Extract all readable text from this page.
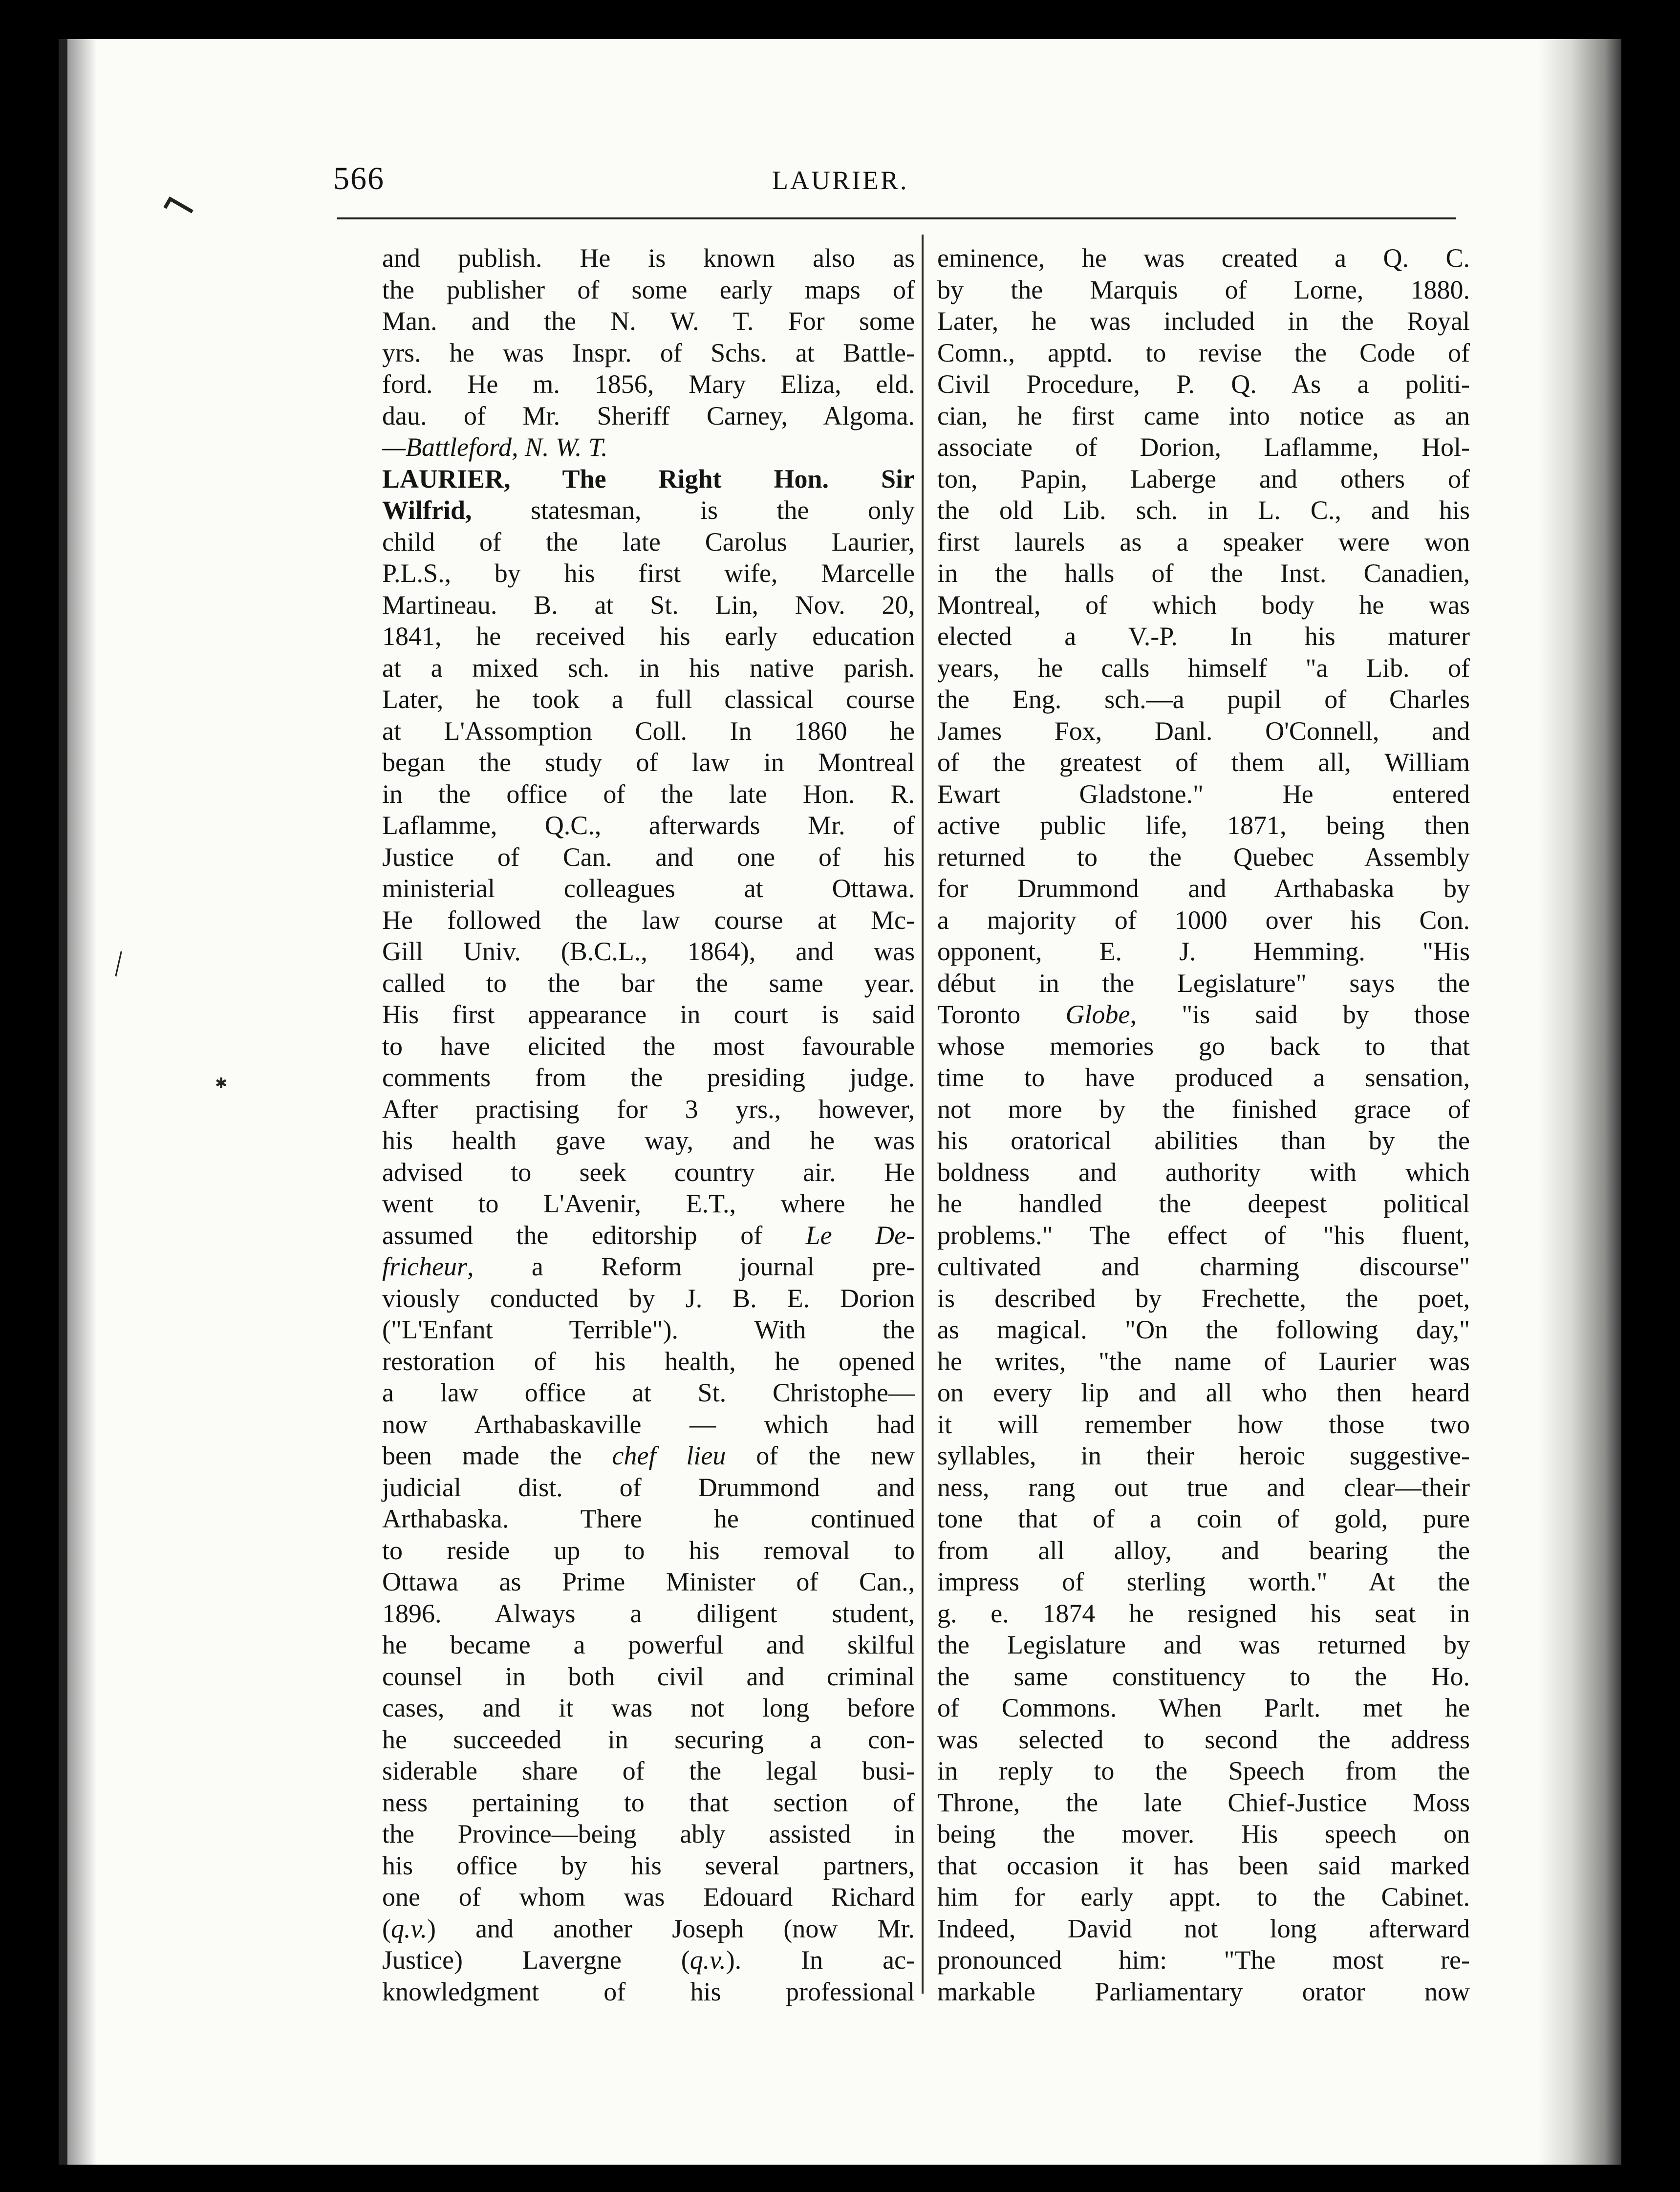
566	LAURIER.
and publish. He is known also as
the publisher of some early maps of
Man. and the N. W. T. For some
yrs. he was Inspr. of Schs. at Battle-
ford. He m. 1856, Mary Eliza, eld.
dau. of Mr. Sheriff Carney, Algoma.
—Battleford, N. W. T.
LAURIER, The Right Hon. Sir
Wilfrid, statesman, is the only
child of the late Carolus Laurier,
P.L.S., by his first wife, Marcelle
Martineau. B. at St. Lin, Nov. 20,
1841, he received his early education
at a mixed sch. in his native parish.
Later, he took a full classical course
at L'Assomption Coll. In 1860 he
began the study of law in Montreal
in the office of the late Hon. R.
Laflamme, Q.C., afterwards Mr. of
Justice of Can. and one of his
ministerial colleagues at Ottawa.
He followed the law course at Mc-
Gill Univ. (B.C.L., 1864), and was
called to the bar the same year.
His first appearance in court is said
to have elicited the most favourable
comments from the presiding judge.
After practising for 3 yrs., however,
his health gave way, and he was
advised to seek country air. He
went to L'Avenir, E.T., where he
assumed the editorship of Le De-
fricheur, a Reform journal pre-
viously conducted by J. B. E. Dorion
("L'Enfant Terrible"). With the
restoration of his health, he opened
a law office at St. Christophe—
now Arthabaskaville — which had
been made the chef lieu of the new
judicial dist. of Drummond and
Arthabaska. There he continued
to reside up to his removal to
Ottawa as Prime Minister of Can.,
1896. Always a diligent student,
he became a powerful and skilful
counsel in both civil and criminal
cases, and it was not long before
he succeeded in securing a con-
siderable share of the legal busi-
ness pertaining to that section of
the Province—being ably assisted in
his office by his several partners,
one of whom was Edouard Richard
(q.v.) and another Joseph (now Mr.
Justice) Lavergne (q.v.). In ac-
knowledgment of his professional
eminence, he was created a Q. C.
by the Marquis of Lorne, 1880.
Later, he was included in the Royal
Comn., apptd. to revise the Code of
Civil Procedure, P. Q. As a politi-
cian, he first came into notice as an
associate of Dorion, Laflamme, Hol-
ton, Papin, Laberge and others of
the old Lib. sch. in L. C., and his
first laurels as a speaker were won
in the halls of the Inst. Canadien,
Montreal, of which body he was
elected a V.-P. In his maturer
years, he calls himself "a Lib. of
the Eng. sch.—a pupil of Charles
James Fox, Danl. O'Connell, and
of the greatest of them all, William
Ewart Gladstone." He entered
active public life, 1871, being then
returned to the Quebec Assembly
for Drummond and Arthabaska by
a majority of 1000 over his Con.
opponent, E. J. Hemming. "His
début in the Legislature" says the
Toronto Globe, "is said by those
whose memories go back to that
time to have produced a sensation,
not more by the finished grace of
his oratorical abilities than by the
boldness and authority with which
he handled the deepest political
problems." The effect of "his fluent,
cultivated and charming discourse"
is described by Frechette, the poet,
as magical. "On the following day,"
he writes, "the name of Laurier was
on every lip and all who then heard
it will remember how those two
syllables, in their heroic suggestive-
ness, rang out true and clear—their
tone that of a coin of gold, pure
from all alloy, and bearing the
impress of sterling worth." At the
g. e. 1874 he resigned his seat in
the Legislature and was returned by
the same constituency to the Ho.
of Commons. When Parlt. met he
was selected to second the address
in reply to the Speech from the
Throne, the late Chief-Justice Moss
being the mover. His speech on
that occasion it has been said marked
him for early appt. to the Cabinet.
Indeed, David not long afterward
pronounced him: "The most re-
markable Parliamentary orator now
⌐
╲
✱
